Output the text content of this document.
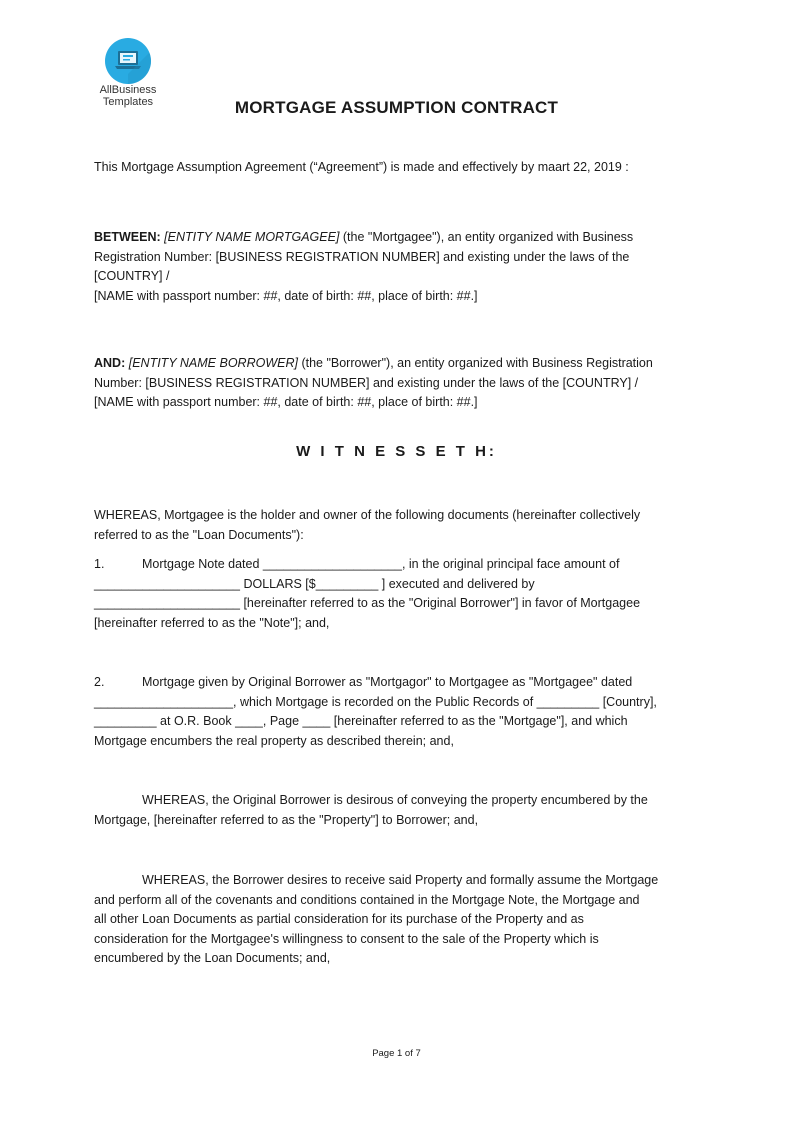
AllBusiness
Templates	MORTGAGE ASSUMPTION CONTRACT
This Mortgage Assumption Agreement (“Agreement”) is made and effectively by maart 22, 2019 :
BETWEEN: [ENTITY NAME MORTGAGEE] (the "Mortgagee"), an entity organized with Business
Registration Number: [BUSINESS REGISTRATION NUMBER] and existing under the laws of the
[COUNTRY] /
[NAME with passport number: ##, date of birth: ##, place of birth: ##.]
AND: [ENTITY NAME BORROWER] (the "Borrower"), an entity organized with Business Registration
Number: [BUSINESS REGISTRATION NUMBER] and existing under the laws of the [COUNTRY] /
[NAME with passport number: ##, date of birth: ##, place of birth: ##.]
W I T N E S S E T H:
WHEREAS, Mortgagee is the holder and owner of the following documents (hereinafter collectively
referred to as the "Loan Documents"):
1.	Mortgage Note dated ____________________, in the original principal face amount of
_____________________ DOLLARS [$_________ ] executed and delivered by
_____________________ [hereinafter referred to as the "Original Borrower"] in favor of Mortgagee
[hereinafter referred to as the "Note"]; and,
2.	Mortgage given by Original Borrower as "Mortgagor" to Mortgagee as "Mortgagee" dated
____________________, which Mortgage is recorded on the Public Records of _________ [Country],
_________ at O.R. Book ____, Page ____ [hereinafter referred to as the "Mortgage"], and which
Mortgage encumbers the real property as described therein; and,
WHEREAS, the Original Borrower is desirous of conveying the property encumbered by the
Mortgage, [hereinafter referred to as the "Property"] to Borrower; and,
WHEREAS, the Borrower desires to receive said Property and formally assume the Mortgage
and perform all of the covenants and conditions contained in the Mortgage Note, the Mortgage and
all other Loan Documents as partial consideration for its purchase of the Property and as
consideration for the Mortgagee's willingness to consent to the sale of the Property which is
encumbered by the Loan Documents; and,
Page 1 of 7
